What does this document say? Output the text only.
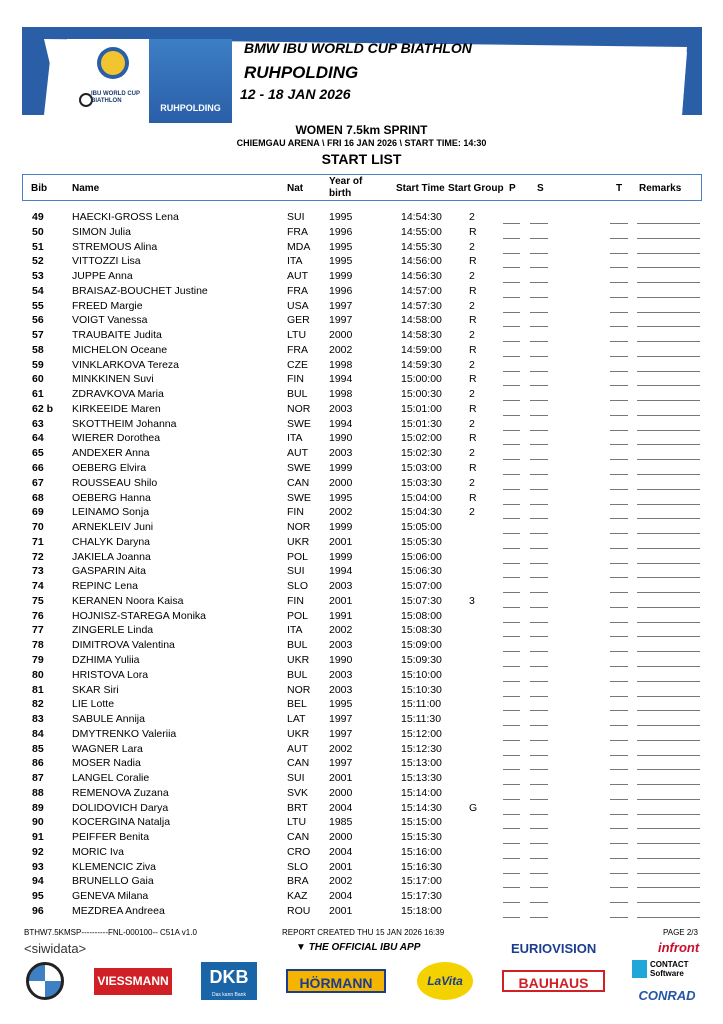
IBU WORLD CUP BIATHLON
RUHPOLDING
BMW IBU WORLD CUP BIATHLON
RUHPOLDING
12 - 18 JAN 2026
WOMEN 7.5km SPRINT
CHIEMGAU ARENA \ FRI 16 JAN 2026 \ START TIME: 14:30
START LIST
Bib Name	Nat
Year of birth	Start Time Start Group P S	T Remarks
49	HAECKI-GROSS Lena	SUI 1995	14:54:30	2
50	SIMON Julia	FRA 1996	14:55:00	R
51	STREMOUS Alina	MDA 1995	14:55:30	2
52	VITTOZZI Lisa	ITA	1995	14:56:00	R
53	JUPPE Anna	AUT 1999	14:56:30	2
54	BRAISAZ-BOUCHET Justine	FRA 1996	14:57:00	R
55	FREED Margie	USA 1997	14:57:30	2
56	VOIGT Vanessa	GER 1997	14:58:00	R
57	TRAUBAITE Judita	LTU 2000	14:58:30	2
58	MICHELON Oceane	FRA 2002	14:59:00	R
59	VINKLARKOVA Tereza	CZE 1998	14:59:30	2
60	MINKKINEN Suvi	FIN 1994	15:00:00	R
61	ZDRAVKOVA Maria	BUL 1998	15:00:30	2
62 b	KIRKEEIDE Maren	NOR 2003	15:01:00	R
63	SKOTTHEIM Johanna	SWE 1994	15:01:30	2
64	WIERER Dorothea	ITA	1990	15:02:00	R
65	ANDEXER Anna	AUT 2003	15:02:30	2
66	OEBERG Elvira	SWE 1999	15:03:00	R
67	ROUSSEAU Shilo	CAN 2000	15:03:30	2
68	OEBERG Hanna	SWE 1995	15:04:00	R
69	LEINAMO Sonja	FIN 2002	15:04:30	2
70	ARNEKLEIV Juni	NOR 1999	15:05:00
71	CHALYK Daryna	UKR 2001	15:05:30
72	JAKIELA Joanna	POL 1999	15:06:00
73	GASPARIN Aita	SUI 1994	15:06:30
74	REPINC Lena	SLO 2003	15:07:00
75	KERANEN Noora Kaisa	FIN 2001	15:07:30	3
76	HOJNISZ-STAREGA Monika	POL 1991	15:08:00
77	ZINGERLE Linda	ITA	2002	15:08:30
78	DIMITROVA Valentina	BUL 2003	15:09:00
79	DZHIMA Yuliia	UKR 1990	15:09:30
80	HRISTOVA Lora	BUL 2003	15:10:00
81	SKAR Siri	NOR 2003	15:10:30
82	LIE Lotte	BEL 1995	15:11:00
83	SABULE Annija	LAT 1997	15:11:30
84	DMYTRENKO Valeriia	UKR 1997	15:12:00
85	WAGNER Lara	AUT 2002	15:12:30
86	MOSER Nadia	CAN 1997	15:13:00
87	LANGEL Coralie	SUI 2001	15:13:30
88	REMENOVA Zuzana	SVK 2000	15:14:00
89	DOLIDOVICH Darya	BRT 2004	15:14:30	G
90	KOCERGINA Natalja	LTU 1985	15:15:00
91	PEIFFER Benita	CAN 2000	15:15:30
92	MORIC Iva	CRO 2004	15:16:00
93	KLEMENCIC Ziva	SLO 2001	15:16:30
94	BRUNELLO Gaia	BRA 2002	15:17:00
95	GENEVA Milana	KAZ 2004	15:17:30
96	MEZDREA Andreea	ROU 2001	15:18:00
BTHW7.5KMSP----------FNL-000100-- C51A v1.0	REPORT CREATED THU 15 JAN 2026 16:39	PAGE 2/3
<siwidata>	▼ THE OFFICIAL IBU APP	EURIOVISION	infront
VIESSMANN	DKB
Das kann Bank
HÖRMANN	LaVita	BAUHAUS
CONTACT Software
CONRAD
